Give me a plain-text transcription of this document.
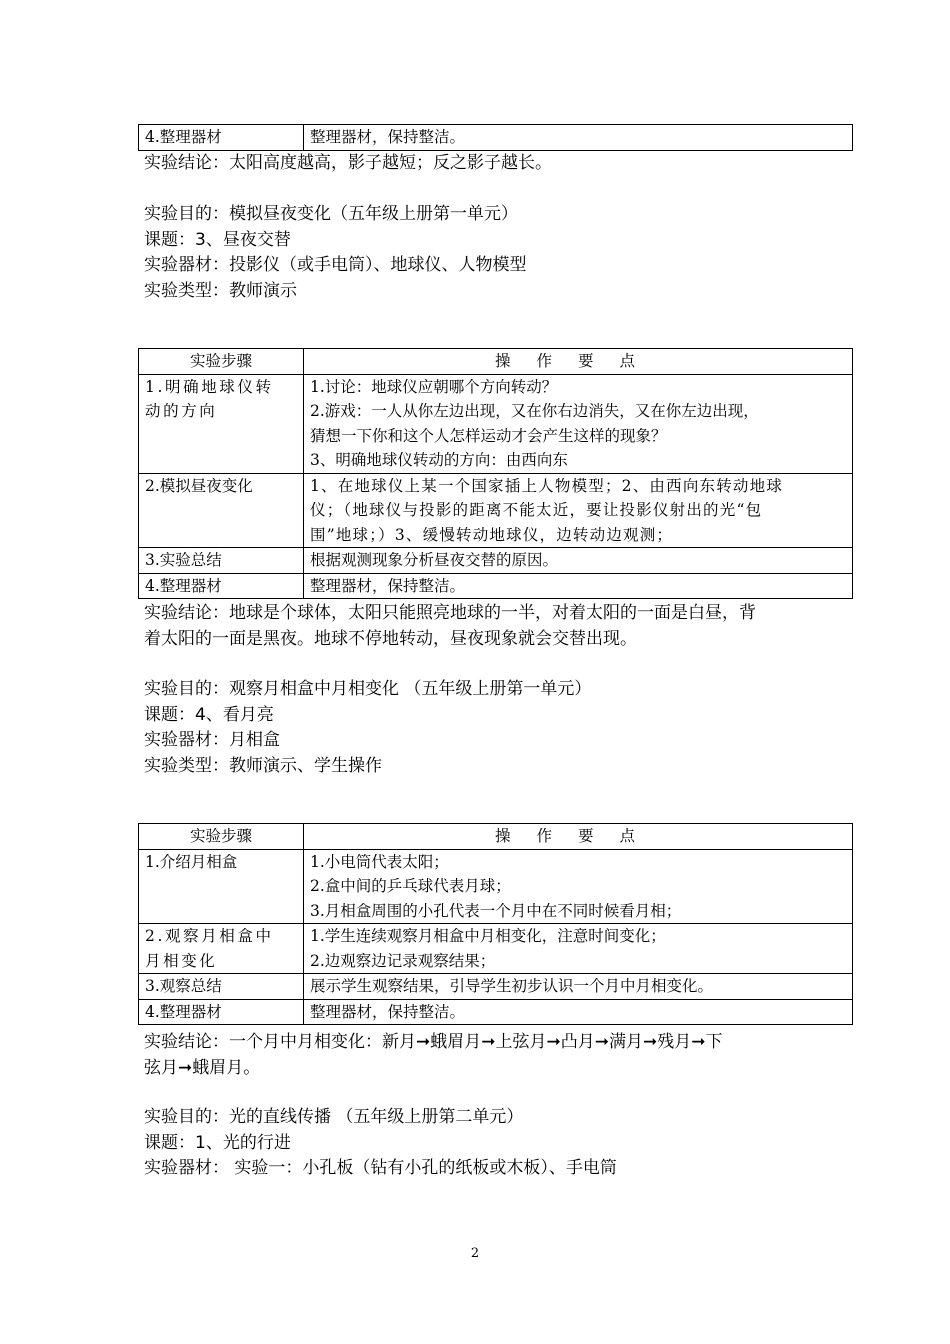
4.整理器材	整理器材，保持整洁。
实验结论：太阳高度越高，影子越短；反之影子越长。
实验目的：模拟昼夜变化（五年级上册第一单元）
课题：3、昼夜交替
实验器材：投影仪（或手电筒）、地球仪、人物模型
实验类型：教师演示
实验步骤	操作要点

1.明确地球仪转
动的方向	1.讨论：地球仪应朝哪个方向转动？
2.游戏：一人从你左边出现，又在你右边消失，又在你左边出现，
猜想一下你和这个人怎样运动才会产生这样的现象？
3、明确地球仪转动的方向：由西向东

2.模拟昼夜变化	1、在地球仪上某一个国家插上人物模型；2、由西向东转动地球
仪；（地球仪与投影的距离不能太近，要让投影仪射出的光“包
围”地球；）3、缓慢转动地球仪，边转动边观测；

3.实验总结	根据观测现象分析昼夜交替的原因。
4.整理器材	整理器材，保持整洁。
实验结论：地球是个球体，太阳只能照亮地球的一半，对着太阳的一面是白昼，背
着太阳的一面是黑夜。地球不停地转动，昼夜现象就会交替出现。
实验目的：观察月相盒中月相变化 （五年级上册第一单元）
课题：4、看月亮
实验器材：月相盒
实验类型：教师演示、学生操作
实验步骤	操作要点

1.介绍月相盒	1.小电筒代表太阳；
2.盒中间的乒乓球代表月球；
3.月相盒周围的小孔代表一个月中在不同时候看月相；

2.观察月相盒中
月相变化	1.学生连续观察月相盒中月相变化，注意时间变化；
2.边观察边记录观察结果；

3.观察总结	展示学生观察结果，引导学生初步认识一个月中月相变化。
4.整理器材	整理器材，保持整洁。
实验结论：一个月中月相变化：新月➞蛾眉月➞上弦月➞凸月➞满月➞残月➞下
弦月➞蛾眉月。
实验目的：光的直线传播 （五年级上册第二单元）
课题：1、光的行进
实验器材： 实验一：小孔板（钻有小孔的纸板或木板）、手电筒
2
